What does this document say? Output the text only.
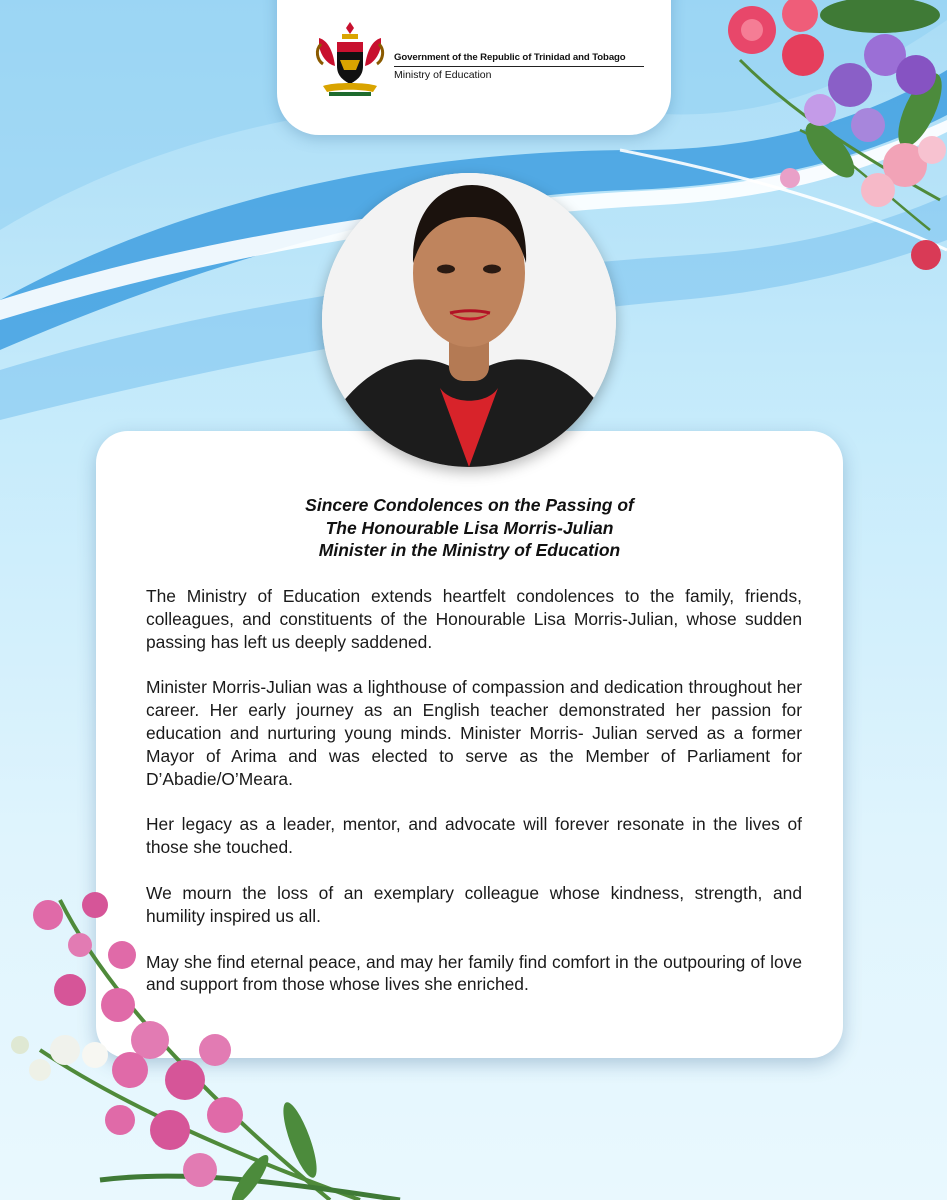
Government of the Republic of Trinidad and Tobago
Ministry of Education
Sincere Condolences on the Passing of
The Honourable Lisa Morris-Julian
Minister in the Ministry of Education

The Ministry of Education extends heartfelt condolences to the family, friends, colleagues, and constituents of the Honourable Lisa Morris-Julian, whose sudden passing has left us deeply saddened.

Minister Morris-Julian was a lighthouse of compassion and dedication throughout her career. Her early journey as an English teacher demonstrated her passion for education and nurturing young minds. Minister Morris- Julian served as a former Mayor of Arima and was elected to serve as the Member of Parliament for D’Abadie/O’Meara.

Her legacy as a leader, mentor, and advocate will forever resonate in the lives of those she touched.

We mourn the loss of an exemplary colleague whose kindness, strength, and humility inspired us all.

May she find eternal peace, and may her family find comfort in the outpouring of love and support from those whose lives she enriched.
